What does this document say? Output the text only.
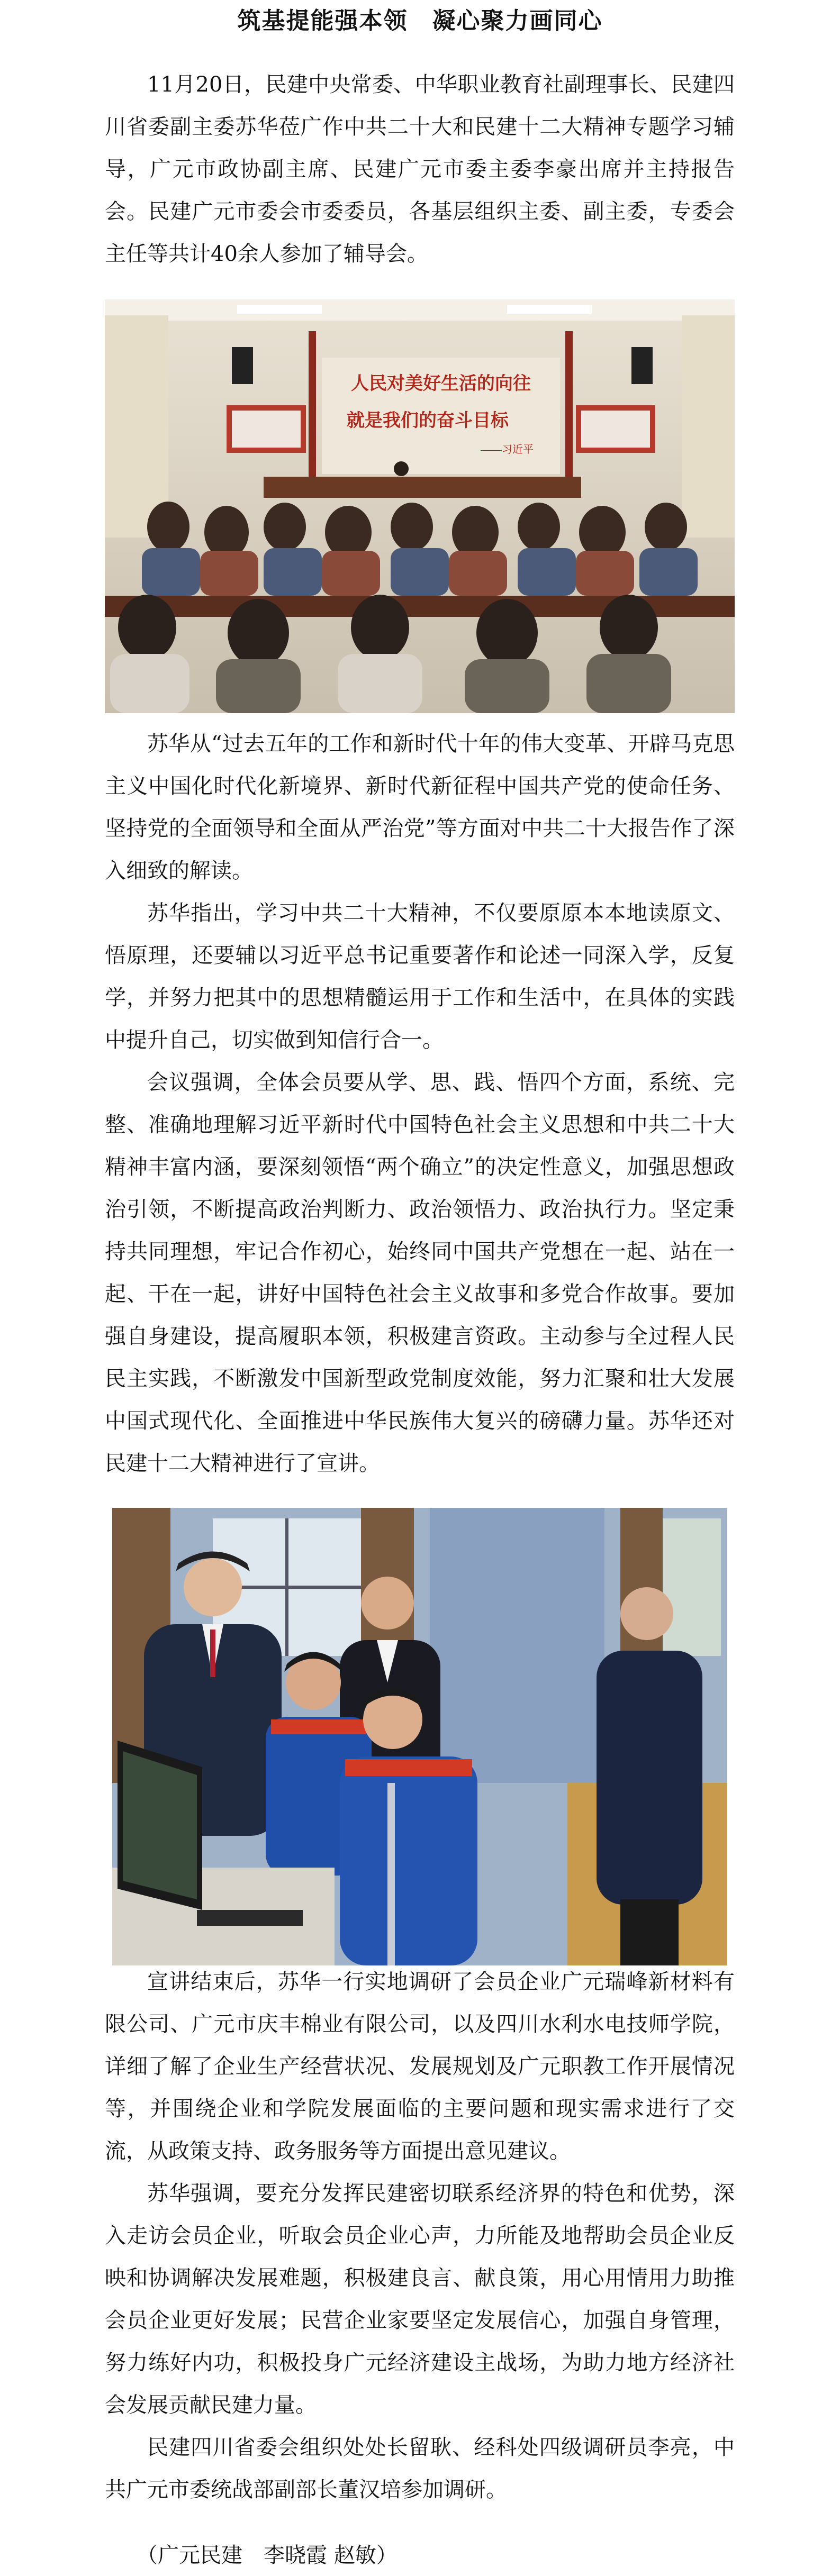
筑基提能强本领　凝心聚力画同心

11月20日，民建中央常委、中华职业教育社副理事长、民建四川省委副主委苏华莅广作中共二十大和民建十二大精神专题学习辅导，广元市政协副主席、民建广元市委主委李豪出席并主持报告会。民建广元市委会市委委员，各基层组织主委、副主委，专委会主任等共计40余人参加了辅导会。

人民对美好生活的向往
就是我们的奋斗目标
——习近平

苏华从“过去五年的工作和新时代十年的伟大变革、开辟马克思主义中国化时代化新境界、新时代新征程中国共产党的使命任务、坚持党的全面领导和全面从严治党”等方面对中共二十大报告作了深入细致的解读。

苏华指出，学习中共二十大精神，不仅要原原本本地读原文、悟原理，还要辅以习近平总书记重要著作和论述一同深入学，反复学，并努力把其中的思想精髓运用于工作和生活中，在具体的实践中提升自己，切实做到知信行合一。

会议强调，全体会员要从学、思、践、悟四个方面，系统、完整、准确地理解习近平新时代中国特色社会主义思想和中共二十大精神丰富内涵，要深刻领悟“两个确立”的决定性意义，加强思想政治引领，不断提高政治判断力、政治领悟力、政治执行力。坚定秉持共同理想，牢记合作初心，始终同中国共产党想在一起、站在一起、干在一起，讲好中国特色社会主义故事和多党合作故事。要加强自身建设，提高履职本领，积极建言资政。主动参与全过程人民民主实践，不断激发中国新型政党制度效能，努力汇聚和壮大发展中国式现代化、全面推进中华民族伟大复兴的磅礴力量。苏华还对民建十二大精神进行了宣讲。

宣讲结束后，苏华一行实地调研了会员企业广元瑞峰新材料有限公司、广元市庆丰棉业有限公司，以及四川水利水电技师学院，详细了解了企业生产经营状况、发展规划及广元职教工作开展情况等，并围绕企业和学院发展面临的主要问题和现实需求进行了交流，从政策支持、政务服务等方面提出意见建议。

苏华强调，要充分发挥民建密切联系经济界的特色和优势，深入走访会员企业，听取会员企业心声，力所能及地帮助会员企业反映和协调解决发展难题，积极建良言、献良策，用心用情用力助推会员企业更好发展；民营企业家要坚定发展信心，加强自身管理，努力练好内功，积极投身广元经济建设主战场，为助力地方经济社会发展贡献民建力量。

民建四川省委会组织处处长留耿、经科处四级调研员李亮，中共广元市委统战部副部长董汉培参加调研。

（广元民建　李晓霞 赵敏）
